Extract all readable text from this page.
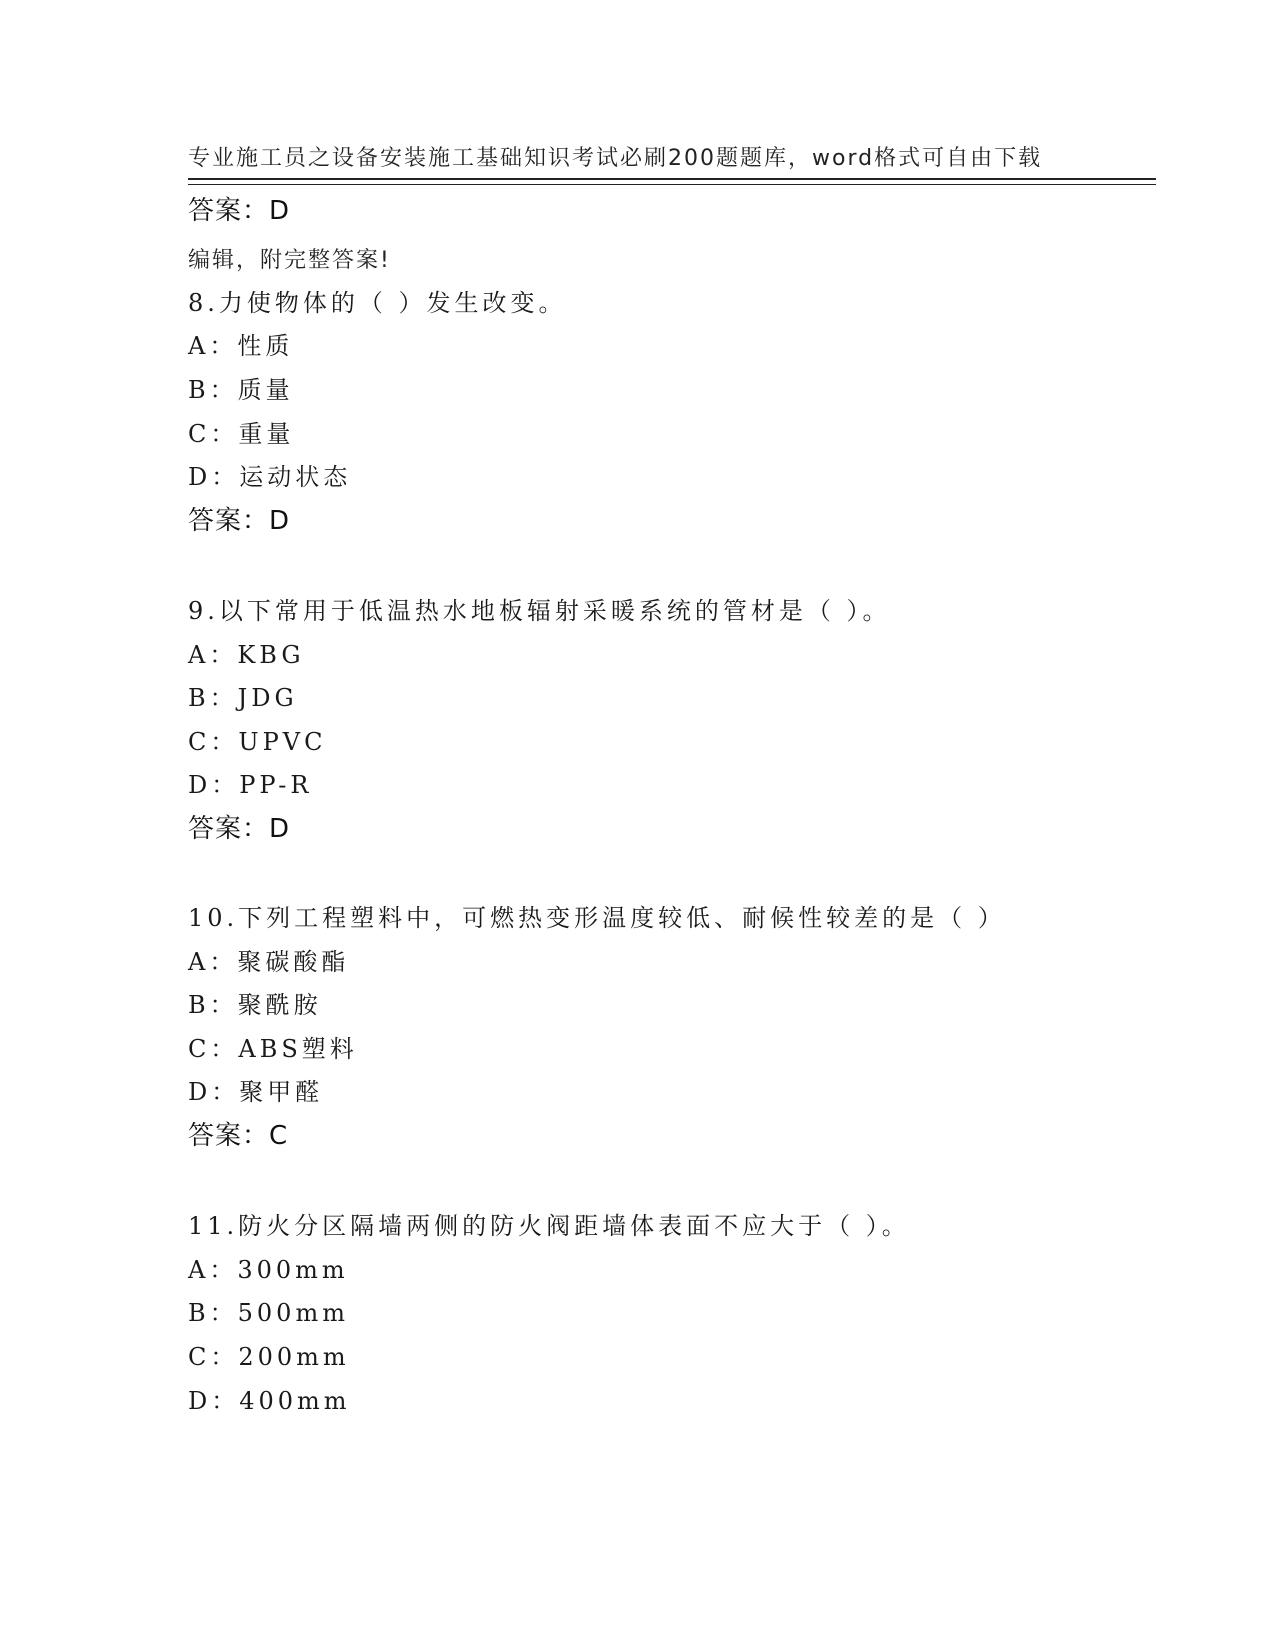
专业施工员之设备安装施工基础知识考试必刷200题题库，word格式可自由下载

编辑，附完整答案!

答案：D
8.力使物体的（ ）发生改变。
A：性质
B：质量
C：重量
D：运动状态
答案：D
9.以下常用于低温热水地板辐射采暖系统的管材是（ ）。
A：KBG
B：JDG
C：UPVC
D：PP-R
答案：D
10.下列工程塑料中，可燃热变形温度较低、耐候性较差的是（ ）
A：聚碳酸酯
B：聚酰胺
C：ABS塑料
D：聚甲醛
答案：C
11.防火分区隔墙两侧的防火阀距墙体表面不应大于（ ）。
A：300mm
B：500mm
C：200mm
D：400mm
